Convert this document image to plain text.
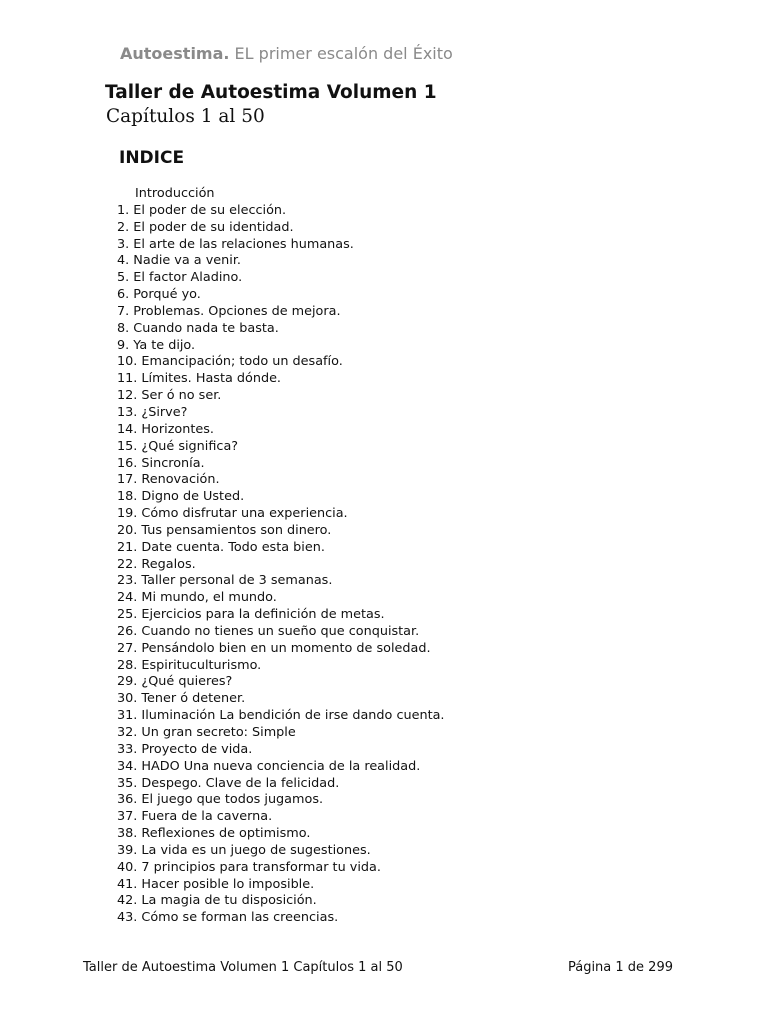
Autoestima. EL primer escalón del Éxito
Taller de Autoestima Volumen 1
Capítulos 1 al 50
INDICE
Introducción
1. El poder de su elección.
2. El poder de su identidad.
3. El arte de las relaciones humanas.
4. Nadie va a venir.
5. El factor Aladino.
6. Porqué yo.
7. Problemas. Opciones de mejora.
8. Cuando nada te basta.
9. Ya te dijo.
10. Emancipación; todo un desafío.
11. Límites. Hasta dónde.
12. Ser ó no ser.
13. ¿Sirve?
14. Horizontes.
15. ¿Qué significa?
16. Sincronía.
17. Renovación.
18. Digno de Usted.
19. Cómo disfrutar una experiencia.
20. Tus pensamientos son dinero.
21. Date cuenta. Todo esta bien.
22. Regalos.
23. Taller personal de 3 semanas.
24. Mi mundo, el mundo.
25. Ejercicios para la definición de metas.
26. Cuando no tienes un sueño que conquistar.
27. Pensándolo bien en un momento de soledad.
28. Espirituculturismo.
29. ¿Qué quieres?
30. Tener ó detener.
31. Iluminación La bendición de irse dando cuenta.
32. Un gran secreto: Simple
33. Proyecto de vida.
34. HADO Una nueva conciencia de la realidad.
35. Despego. Clave de la felicidad.
36. El juego que todos jugamos.
37. Fuera de la caverna.
38. Reflexiones de optimismo.
39. La vida es un juego de sugestiones.
40. 7 principios para transformar tu vida.
41. Hacer posible lo imposible.
42. La magia de tu disposición.
43. Cómo se forman las creencias.
Taller de Autoestima Volumen 1 Capítulos 1 al 50	Página 1 de 299
